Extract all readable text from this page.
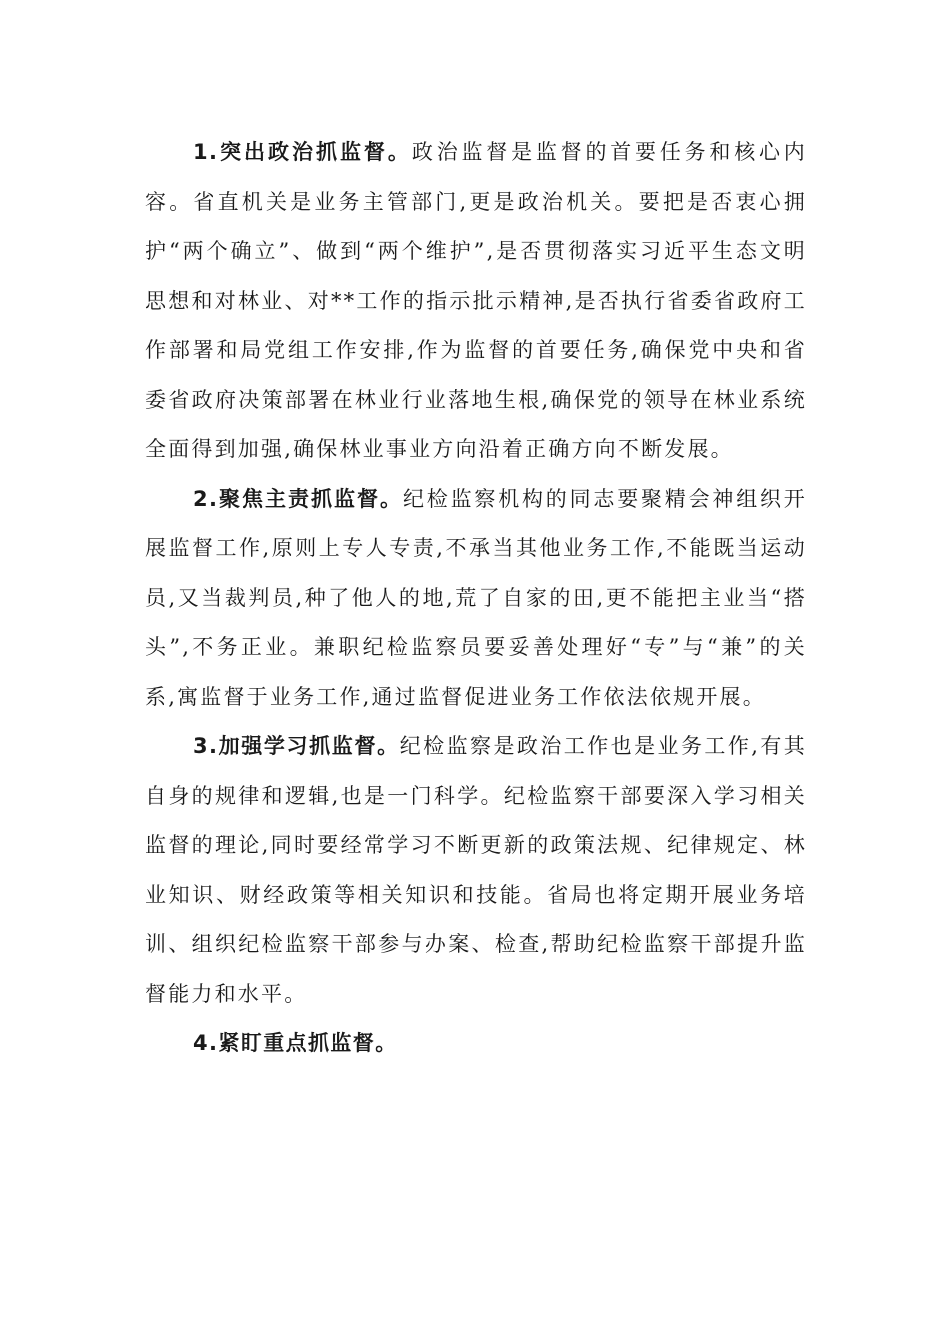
1.突出政治抓监督。政治监督是监督的首要任务和核心内容。省直机关是业务主管部门,更是政治机关。要把是否衷心拥护“两个确立”、做到“两个维护”,是否贯彻落实习近平生态文明思想和对林业、对**工作的指示批示精神,是否执行省委省政府工作部署和局党组工作安排,作为监督的首要任务,确保党中央和省委省政府决策部署在林业行业落地生根,确保党的领导在林业系统全面得到加强,确保林业事业方向沿着正确方向不断发展。

2.聚焦主责抓监督。纪检监察机构的同志要聚精会神组织开展监督工作,原则上专人专责,不承当其他业务工作,不能既当运动员,又当裁判员,种了他人的地,荒了自家的田,更不能把主业当“搭头”,不务正业。兼职纪检监察员要妥善处理好“专”与“兼”的关系,寓监督于业务工作,通过监督促进业务工作依法依规开展。

3.加强学习抓监督。纪检监察是政治工作也是业务工作,有其自身的规律和逻辑,也是一门科学。纪检监察干部要深入学习相关监督的理论,同时要经常学习不断更新的政策法规、纪律规定、林业知识、财经政策等相关知识和技能。省局也将定期开展业务培训、组织纪检监察干部参与办案、检查,帮助纪检监察干部提升监督能力和水平。

4.紧盯重点抓监督。
